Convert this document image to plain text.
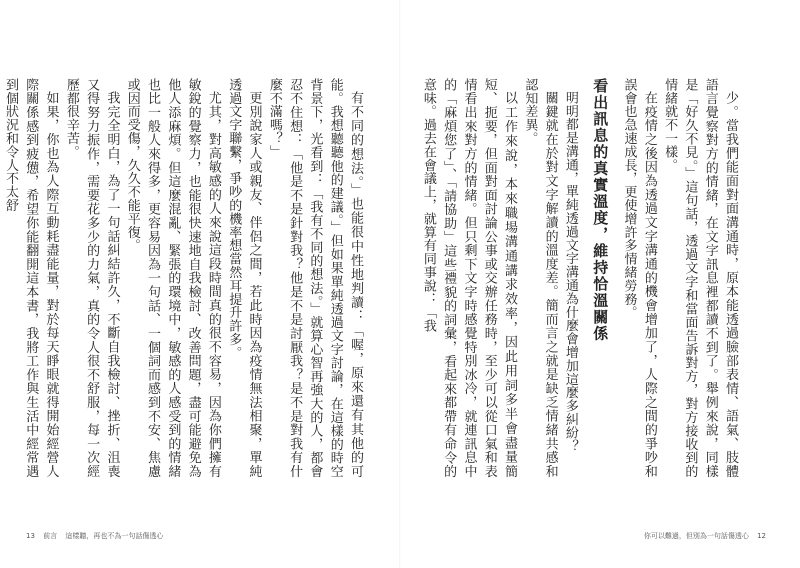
有不同的想法。」也能很中性地判讀：「喔，原來還有其他的可能。我想聽聽他的建議。」但如果單純透過文字討論，在這樣的時空背景下，光看到：「我有不同的想法。」就算心智再強大的人，都會忍不住想：「他是不是針對我？他是不是討厭我？是不是對我有什麼不滿嗎？」

更別說家人或親友、伴侶之間，若此時因為疫情無法相聚，單純透過文字聯繫，爭吵的機率想當然耳提升許多。

尤其，對高敏感的人來說這段時間真的很不容易，因為你們擁有敏銳的覺察力，也能很快速地自我檢討、改善問題，盡可能避免為他人添麻煩。但這麼混亂、緊張的環境中，敏感的人感受到的情緒也比一般人來得多，更容易因為一句話、一個詞而感到不安、焦慮或因而受傷，久久不能平復。

我完全明白，為了一句話糾結許久，不斷自我檢討、挫折、沮喪又得努力振作，需要花多少的力氣，真的令人很不舒服，每一次經歷都很辛苦。

如果，你也為人際互動耗盡能量，對於每天睜眼就得開始經營人際關係感到疲憊，希望你能翻開這本書，我將工作與生活中經常遇到個狀況和令人不太舒

13 前言 這樣聽，再也不為一句話傷透心

少。當我們能面對面溝通時，原本能透過臉部表情、語氣、肢體語言覺察對方的情緒，在文字訊息裡都讀不到了。舉例來說，同樣是「好久不見。」這句話，透過文字和當面告訴對方，對方接收到的情緒就不一樣。

在疫情之後因為透過文字溝通的機會增加了，人際之間的爭吵和誤會也急速成長，更使增許多情緒勞務。

看出訊息的真實溫度，維持恰溫關係

明明都是溝通，單純透過文字溝通為什麼會增加這麼多糾紛？

關鍵就在於對文字解讀的溫度差。簡而言之就是缺乏情緒共感和認知差異。

以工作來說，本來職場溝通講求效率，因此用詞多半會盡量簡短、扼要，但面對面討論公事或交辦任務時，至少可以從口氣和表情看出來對方的情緒。但只剩下文字時感覺特別冰冷，就連訊息中的「麻煩您了」、「請協助」這些禮貌的詞彙，看起來都帶有命令的意味。過去在會議上，就算有同事說：「我

你可以難過，但別為一句話傷透心 12
